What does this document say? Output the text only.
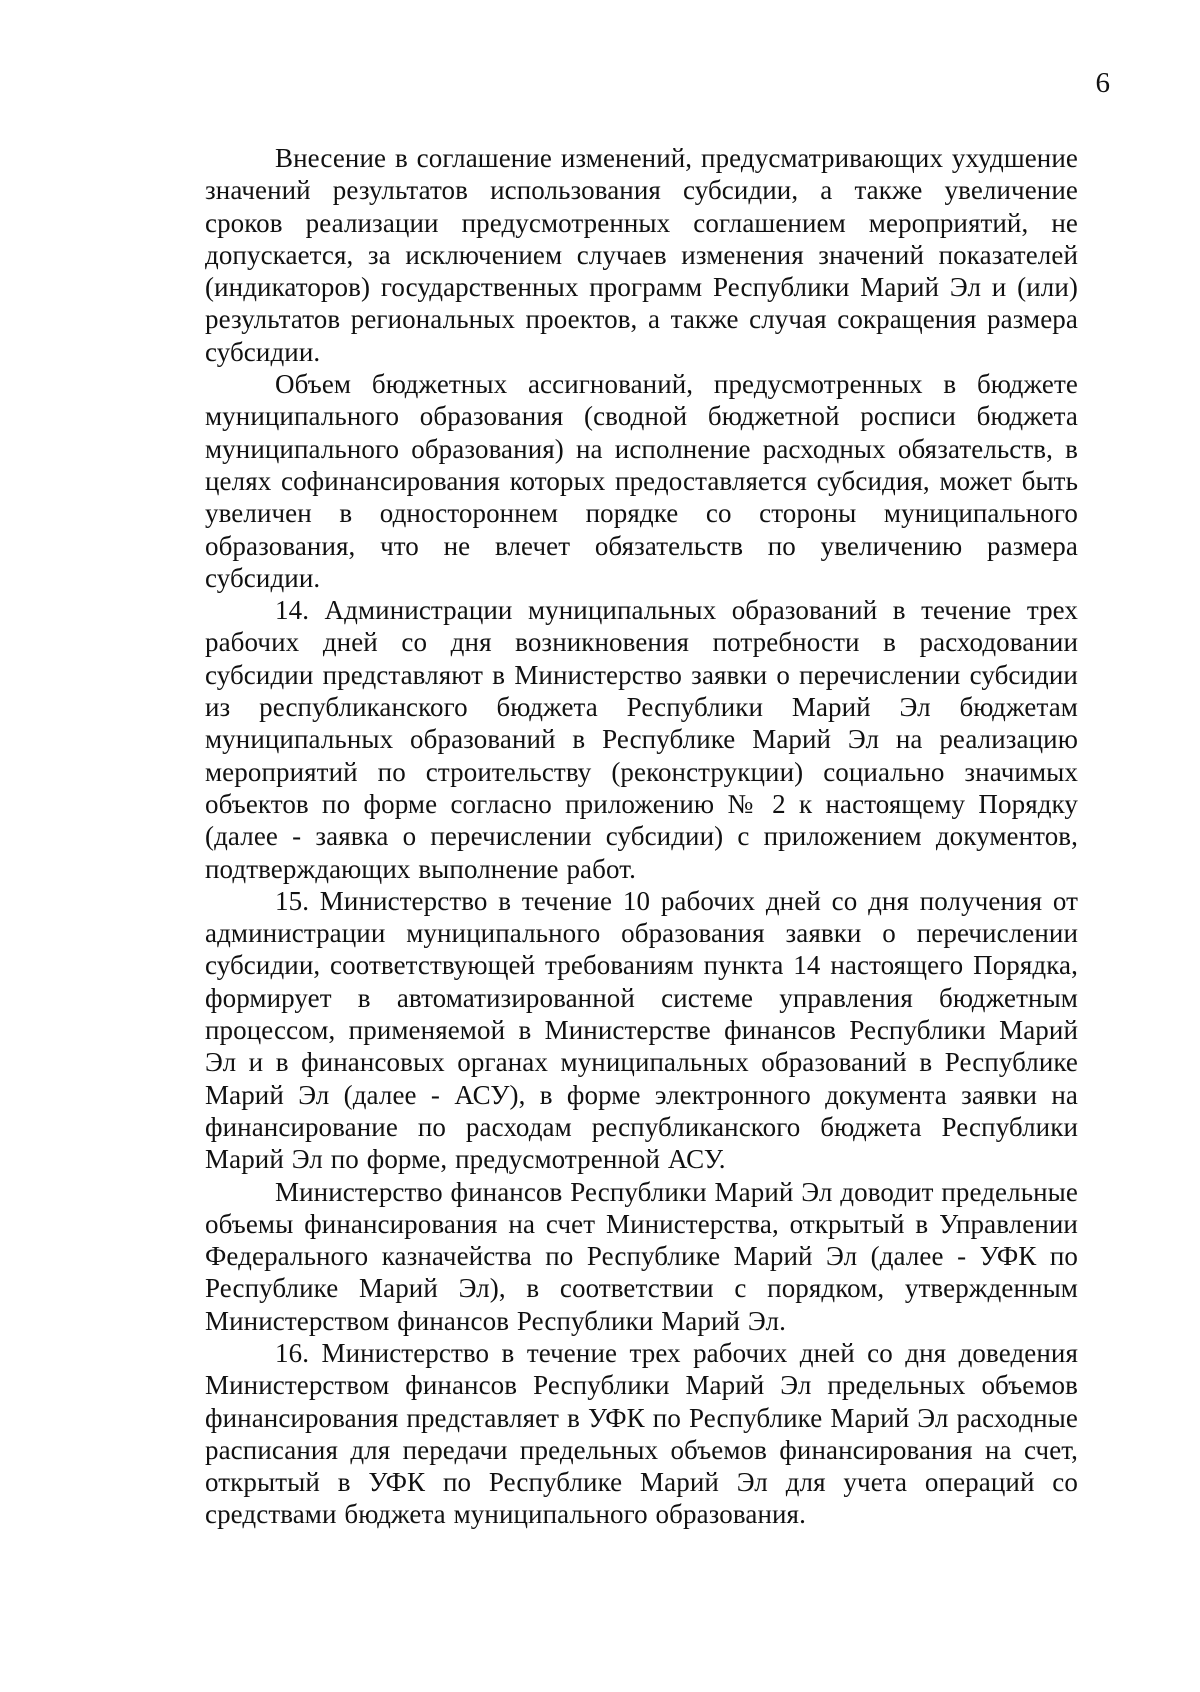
6

Внесение в соглашение изменений, предусматривающих ухудшение значений результатов использования субсидии, а также увеличение сроков реализации предусмотренных соглашением мероприятий, не допускается, за исключением случаев изменения значений показателей (индикаторов) государственных программ Республики Марий Эл и (или) результатов региональных проектов, а также случая сокращения размера субсидии.

Объем бюджетных ассигнований, предусмотренных в бюджете муниципального образования (сводной бюджетной росписи бюджета муниципального образования) на исполнение расходных обязательств, в целях софинансирования которых предоставляется субсидия, может быть увеличен в одностороннем порядке со стороны муниципального образования, что не влечет обязательств по увеличению размера субсидии.

14. Администрации муниципальных образований в течение трех рабочих дней со дня возникновения потребности в расходовании субсидии представляют в Министерство заявки о перечислении субсидии из республиканского бюджета Республики Марий Эл бюджетам муниципальных образований в Республике Марий Эл на реализацию мероприятий по строительству (реконструкции) социально значимых объектов по форме согласно приложению № 2 к настоящему Порядку (далее - заявка о перечислении субсидии) с приложением документов, подтверждающих выполнение работ.

15. Министерство в течение 10 рабочих дней со дня получения от администрации муниципального образования заявки о перечислении субсидии, соответствующей требованиям пункта 14 настоящего Порядка, формирует в автоматизированной системе управления бюджетным процессом, применяемой в Министерстве финансов Республики Марий Эл и в финансовых органах муниципальных образований в Республике Марий Эл (далее - АСУ), в форме электронного документа заявки на финансирование по расходам республиканского бюджета Республики Марий Эл по форме, предусмотренной АСУ.

Министерство финансов Республики Марий Эл доводит предельные объемы финансирования на счет Министерства, открытый в Управлении Федерального казначейства по Республике Марий Эл (далее - УФК по Республике Марий Эл), в соответствии с порядком, утвержденным Министерством финансов Республики Марий Эл.

16. Министерство в течение трех рабочих дней со дня доведения Министерством финансов Республики Марий Эл предельных объемов финансирования представляет в УФК по Республике Марий Эл расходные расписания для передачи предельных объемов финансирования на счет, открытый в УФК по Республике Марий Эл для учета операций со средствами бюджета муниципального образования.
